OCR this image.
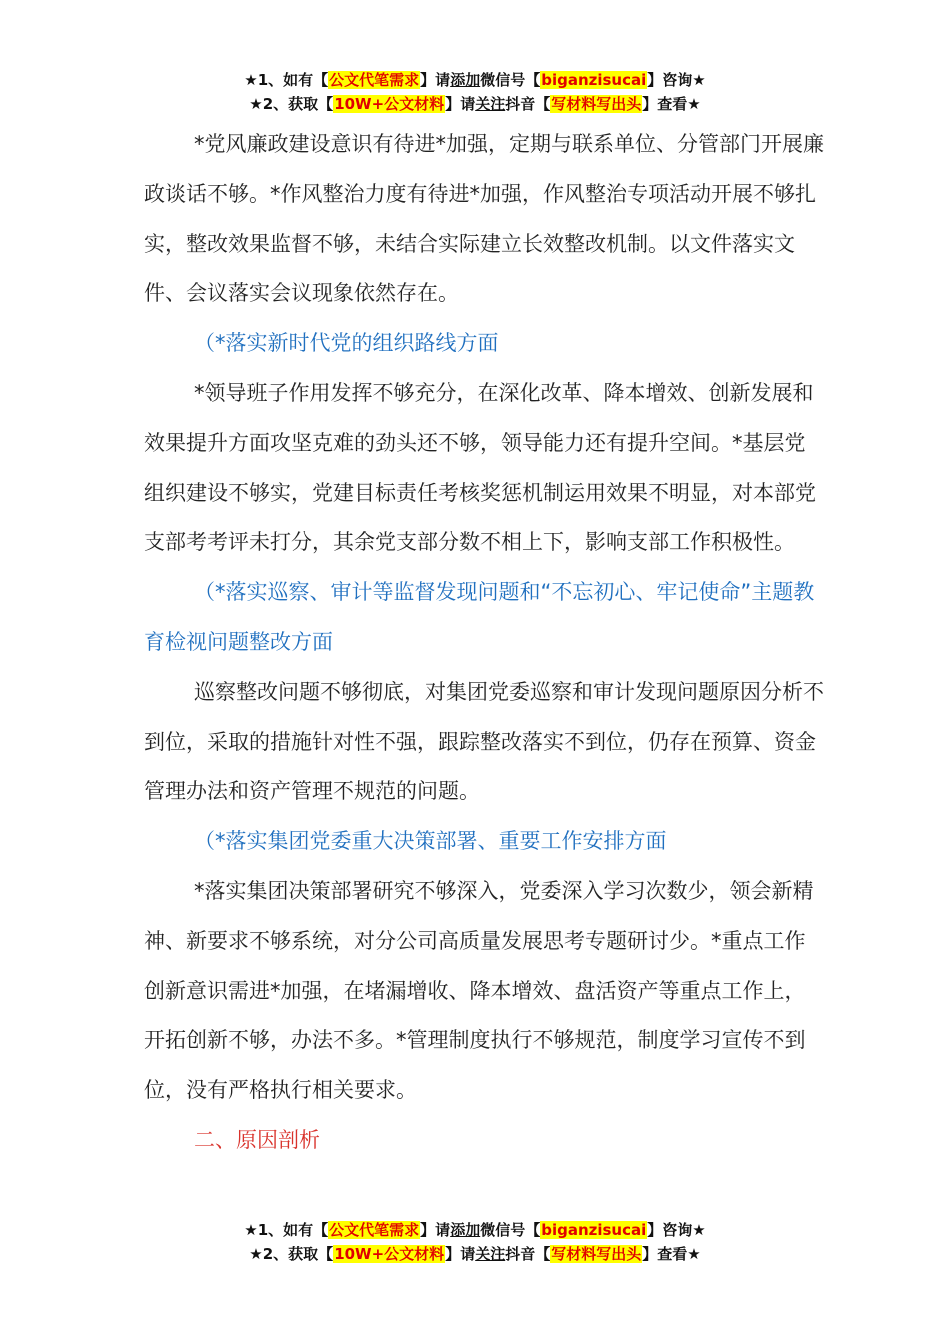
★1、如有【公文代笔需求】请添加微信号【biganzisucai】咨询★
★2、获取【10W+公文材料】请关注抖音【写材料写出头】查看★

*党风廉政建设意识有待进*加强，定期与联系单位、分管部门开展廉政谈话不够。*作风整治力度有待进*加强，作风整治专项活动开展不够扎实，整改效果监督不够，未结合实际建立长效整改机制。以文件落实文件、会议落实会议现象依然存在。

（*落实新时代党的组织路线方面

*领导班子作用发挥不够充分，在深化改革、降本增效、创新发展和效果提升方面攻坚克难的劲头还不够，领导能力还有提升空间。*基层党组织建设不够实，党建目标责任考核奖惩机制运用效果不明显，对本部党支部考考评未打分，其余党支部分数不相上下，影响支部工作积极性。

（*落实巡察、审计等监督发现问题和“不忘初心、牢记使命”主题教育检视问题整改方面

巡察整改问题不够彻底，对集团党委巡察和审计发现问题原因分析不到位，采取的措施针对性不强，跟踪整改落实不到位，仍存在预算、资金管理办法和资产管理不规范的问题。

（*落实集团党委重大决策部署、重要工作安排方面

*落实集团决策部署研究不够深入，党委深入学习次数少，领会新精神、新要求不够系统，对分公司高质量发展思考专题研讨少。*重点工作创新意识需进*加强，在堵漏增收、降本增效、盘活资产等重点工作上，开拓创新不够，办法不多。*管理制度执行不够规范，制度学习宣传不到位，没有严格执行相关要求。

二、原因剖析

★1、如有【公文代笔需求】请添加微信号【biganzisucai】咨询★
★2、获取【10W+公文材料】请关注抖音【写材料写出头】查看★
